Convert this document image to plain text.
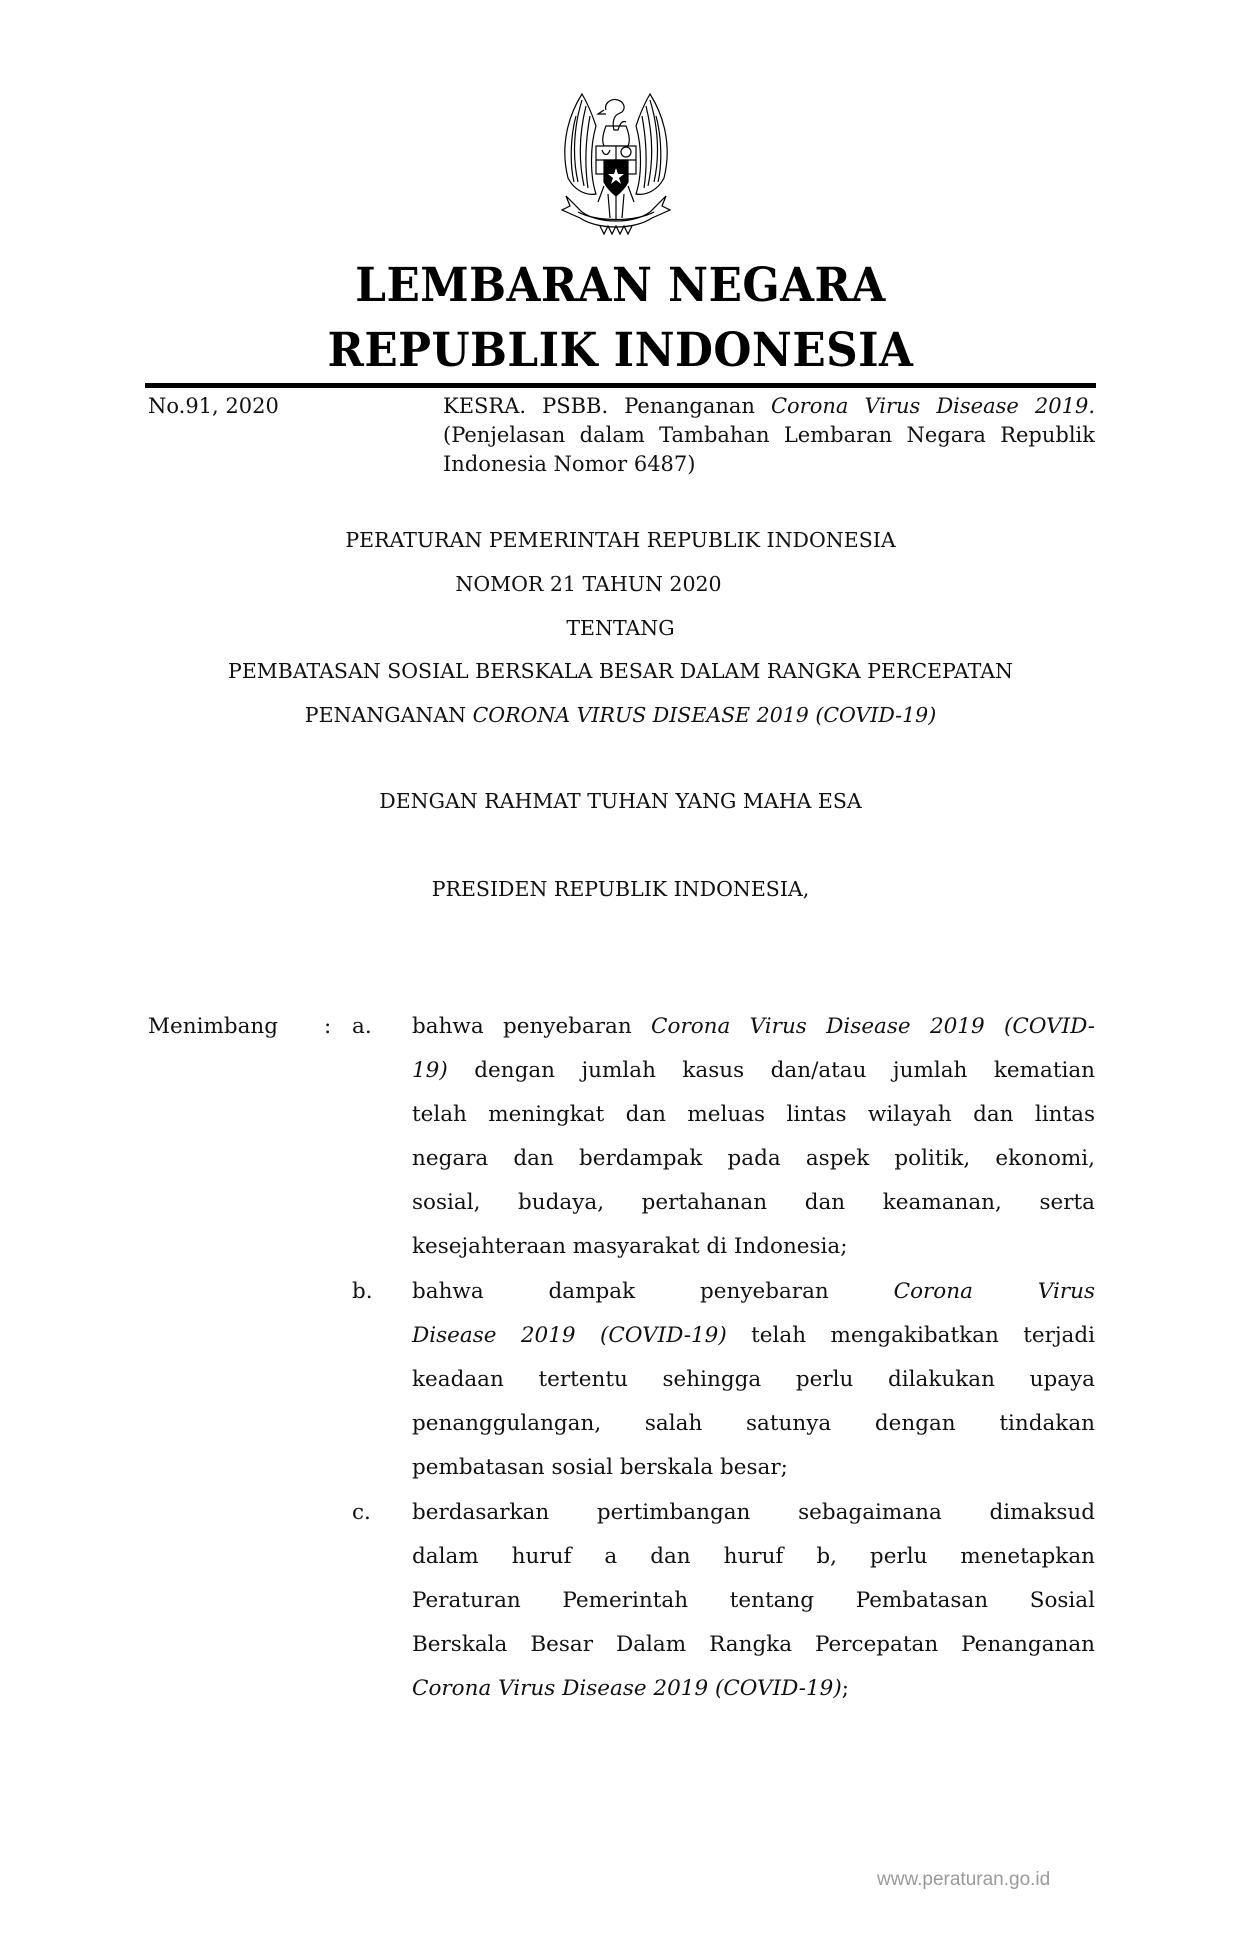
LEMBARAN NEGARA
REPUBLIK INDONESIA
No.91, 2020	KESRA. PSBB. Penanganan Corona Virus Disease 2019. (Penjelasan dalam Tambahan Lembaran Negara Republik Indonesia Nomor 6487)
PERATURAN PEMERINTAH REPUBLIK INDONESIA
NOMOR 21 TAHUN 2020
TENTANG
PEMBATASAN SOSIAL BERSKALA BESAR DALAM RANGKA PERCEPATAN
PENANGANAN CORONA VIRUS DISEASE 2019 (COVID-19)
DENGAN RAHMAT TUHAN YANG MAHA ESA
PRESIDEN REPUBLIK INDONESIA,
Menimbang : a. bahwa penyebaran Corona Virus Disease 2019 (COVID-
19) dengan jumlah kasus dan/atau jumlah kematian
telah meningkat dan meluas lintas wilayah dan lintas
negara dan berdampak pada aspek politik, ekonomi,
sosial, budaya, pertahanan dan keamanan, serta
kesejahteraan masyarakat di Indonesia;
b. bahwa dampak penyebaran Corona Virus
Disease 2019 (COVID-19) telah mengakibatkan terjadi
keadaan tertentu sehingga perlu dilakukan upaya
penanggulangan, salah satunya dengan tindakan
pembatasan sosial berskala besar;
c. berdasarkan pertimbangan sebagaimana dimaksud
dalam huruf a dan huruf b, perlu menetapkan
Peraturan Pemerintah tentang Pembatasan Sosial
Berskala Besar Dalam Rangka Percepatan Penanganan
Corona Virus Disease 2019 (COVID-19);
www.peraturan.go.id
